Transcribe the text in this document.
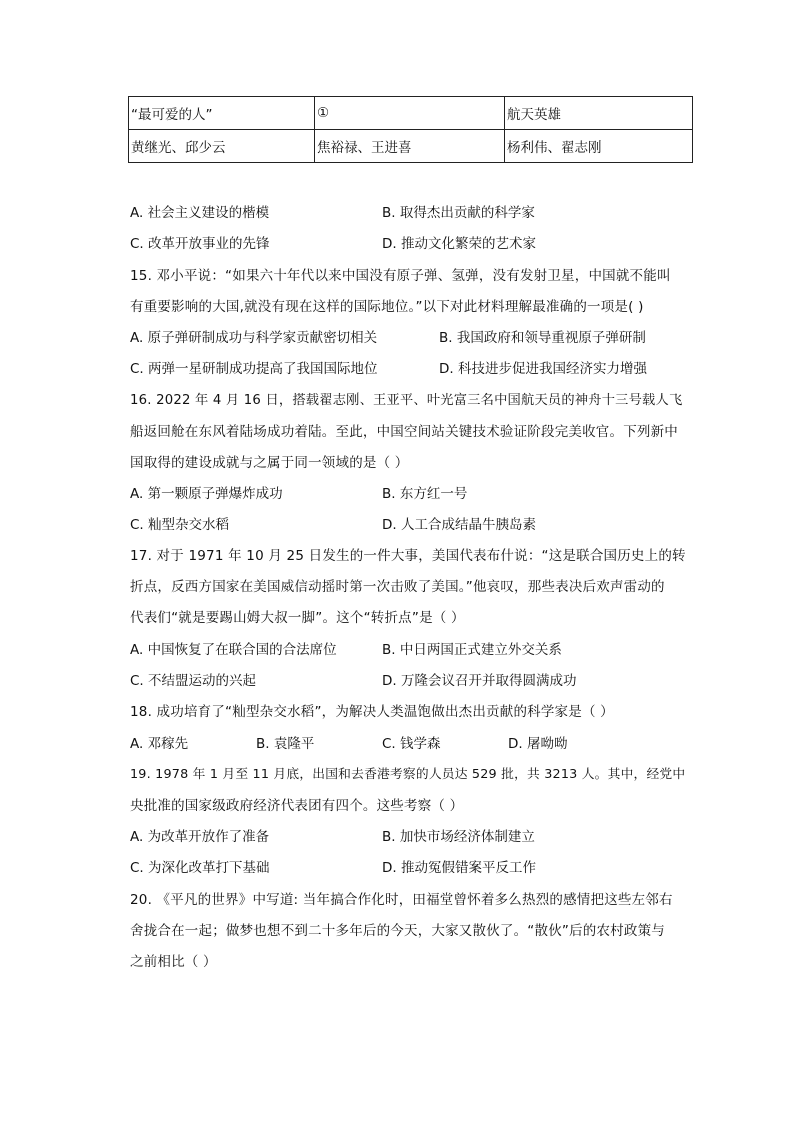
“最可爱的人”	①	航天英雄
黄继光、邱少云	焦裕禄、王进喜	杨利伟、翟志刚
A. 社会主义建设的楷模	B. 取得杰出贡献的科学家
C. 改革开放事业的先锋	D. 推动文化繁荣的艺术家
15. 邓小平说：“如果六十年代以来中国没有原子弹、氢弹，没有发射卫星，中国就不能叫
有重要影响的大国,就没有现在这样的国际地位。”以下对此材料理解最准确的一项是( )
A. 原子弹研制成功与科学家贡献密切相关	B. 我国政府和领导重视原子弹研制
C. 两弹一星研制成功提高了我国国际地位	D. 科技进步促进我国经济实力增强
16. 2022 年 4 月 16 日，搭载翟志刚、王亚平、叶光富三名中国航天员的神舟十三号载人飞
船返回舱在东风着陆场成功着陆。至此，中国空间站关键技术验证阶段完美收官。下列新中
国取得的建设成就与之属于同一领域的是（ ）
A. 第一颗原子弹爆炸成功	B. 东方红一号
C. 籼型杂交水稻	D. 人工合成结晶牛胰岛素
17. 对于 1971 年 10 月 25 日发生的一件大事，美国代表布什说：“这是联合国历史上的转
折点，反西方国家在美国威信动摇时第一次击败了美国。”他哀叹，那些表决后欢声雷动的
代表们“就是要踢山姆大叔一脚”。这个“转折点”是（ ）
A. 中国恢复了在联合国的合法席位	B. 中日两国正式建立外交关系
C. 不结盟运动的兴起	D. 万隆会议召开并取得圆满成功
18. 成功培育了“籼型杂交水稻”，为解决人类温饱做出杰出贡献的科学家是（ ）
A. 邓稼先	B. 袁隆平	C. 钱学森	D. 屠呦呦
19. 1978 年 1 月至 11 月底，出国和去香港考察的人员达 529 批，共 3213 人。其中，经党中
央批准的国家级政府经济代表团有四个。这些考察（ ）
A. 为改革开放作了准备	B. 加快市场经济体制建立
C. 为深化改革打下基础	D. 推动冤假错案平反工作
20. 《平凡的世界》中写道: 当年搞合作化时，田福堂曾怀着多么热烈的感情把这些左邻右
舍拢合在一起；做梦也想不到二十多年后的今天，大家又散伙了。“散伙”后的农村政策与
之前相比（ ）
